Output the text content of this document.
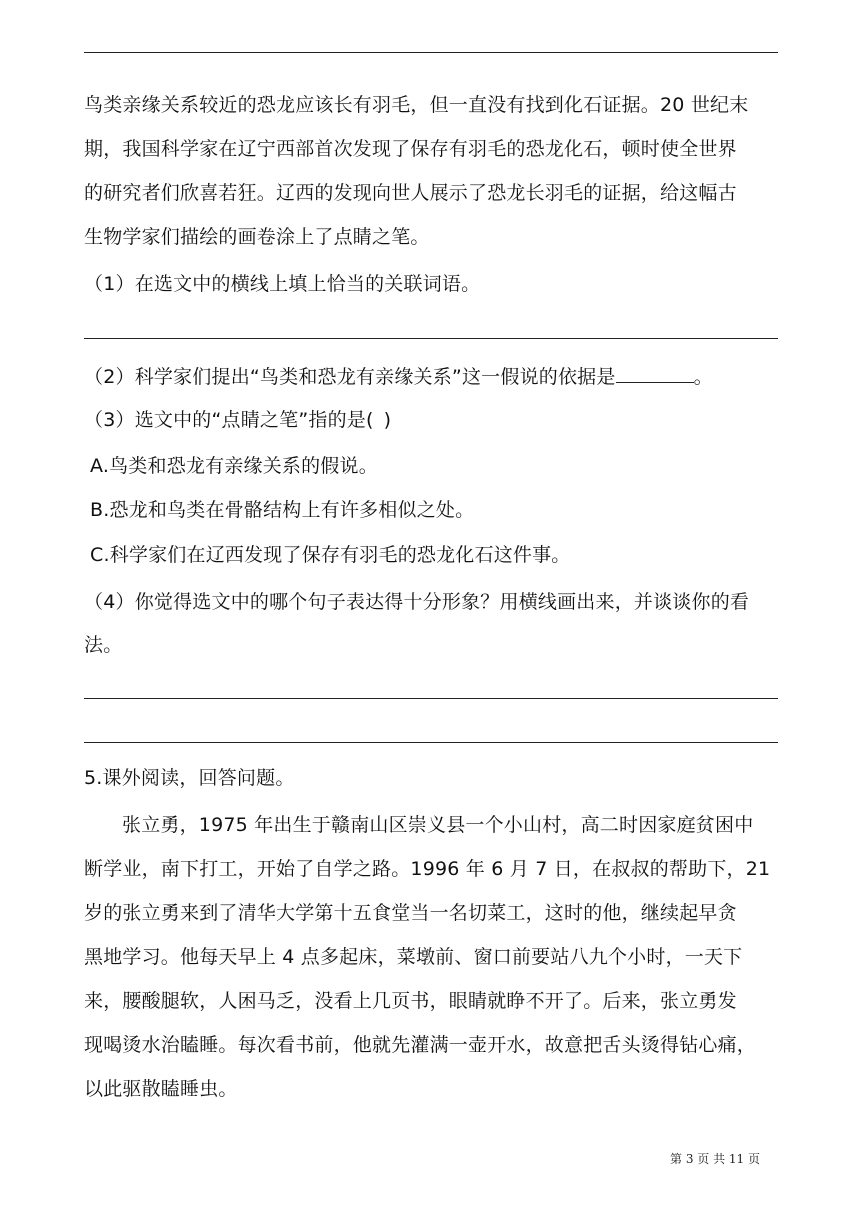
鸟类亲缘关系较近的恐龙应该长有羽毛，但一直没有找到化石证据。20 世纪末
期，我国科学家在辽宁西部首次发现了保存有羽毛的恐龙化石，顿时使全世界
的研究者们欣喜若狂。辽西的发现向世人展示了恐龙长羽毛的证据，给这幅古
生物学家们描绘的画卷涂上了点睛之笔。
（1）在选文中的横线上填上恰当的关联词语。
（2）科学家们提出“鸟类和恐龙有亲缘关系”这一假说的依据是	。
（3）选文中的“点睛之笔”指的是( )
A.鸟类和恐龙有亲缘关系的假说。
B.恐龙和鸟类在骨骼结构上有许多相似之处。
C.科学家们在辽西发现了保存有羽毛的恐龙化石这件事。
（4）你觉得选文中的哪个句子表达得十分形象？用横线画出来，并谈谈你的看
法。
5.课外阅读，回答问题。
张立勇，1975 年出生于赣南山区崇义县一个小山村，高二时因家庭贫困中
断学业，南下打工，开始了自学之路。1996 年 6 月 7 日，在叔叔的帮助下，21
岁的张立勇来到了清华大学第十五食堂当一名切菜工，这时的他，继续起早贪
黑地学习。他每天早上 4 点多起床，菜墩前、窗口前要站八九个小时，一天下
来，腰酸腿软，人困马乏，没看上几页书，眼睛就睁不开了。后来，张立勇发
现喝烫水治瞌睡。每次看书前，他就先灌满一壶开水，故意把舌头烫得钻心痛，
以此驱散瞌睡虫。
第 3 页 共 11 页
